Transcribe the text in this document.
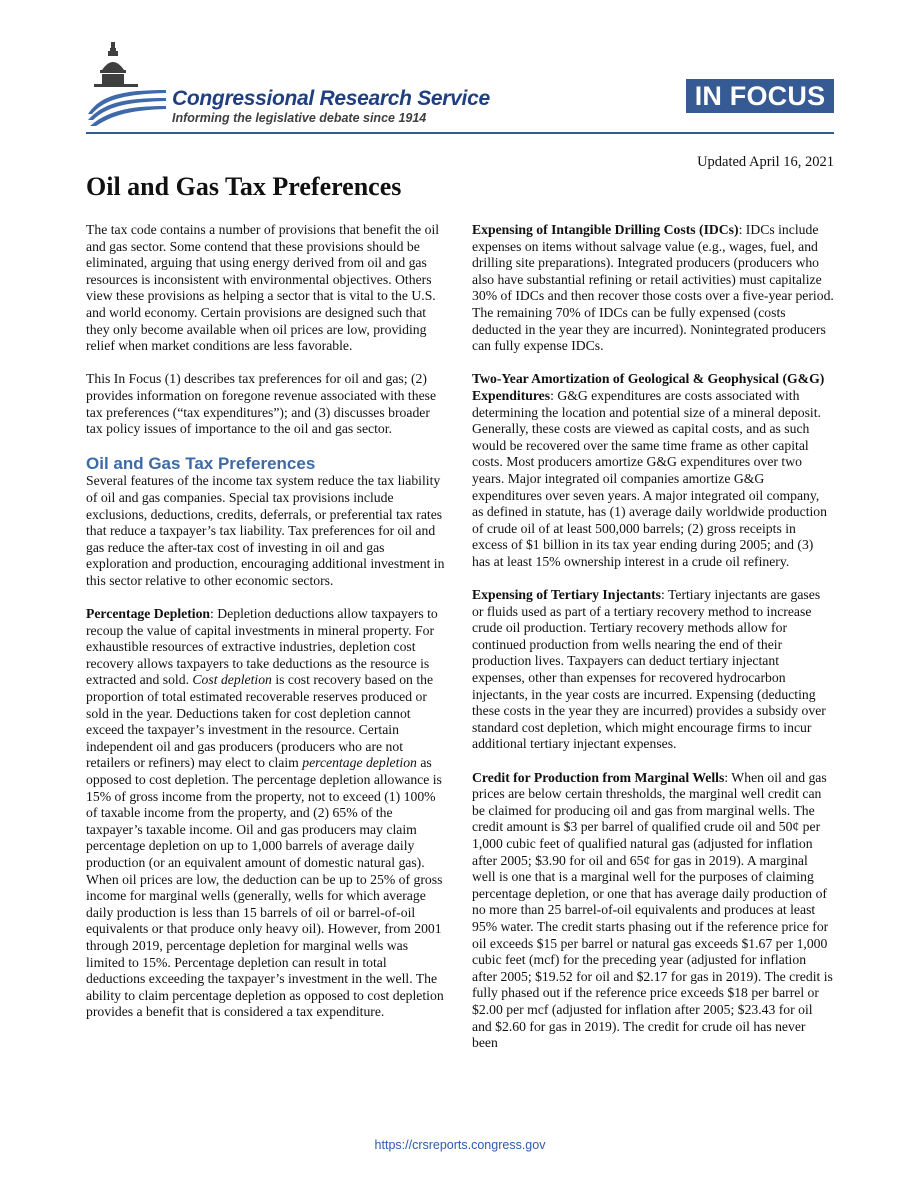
Congressional Research Service
Informing the legislative debate since 1914
IN FOCUS
Updated April 16, 2021
Oil and Gas Tax Preferences

The tax code contains a number of provisions that benefit the oil and gas sector. Some contend that these provisions should be eliminated, arguing that using energy derived from oil and gas resources is inconsistent with environmental objectives. Others view these provisions as helping a sector that is vital to the U.S. and world economy. Certain provisions are designed such that they only become available when oil prices are low, providing relief when market conditions are less favorable.

This In Focus (1) describes tax preferences for oil and gas; (2) provides information on foregone revenue associated with these tax preferences (“tax expenditures”); and (3) discusses broader tax policy issues of importance to the oil and gas sector.

Oil and Gas Tax Preferences

Several features of the income tax system reduce the tax liability of oil and gas companies. Special tax provisions include exclusions, deductions, credits, deferrals, or preferential tax rates that reduce a taxpayer’s tax liability. Tax preferences for oil and gas reduce the after-tax cost of investing in oil and gas exploration and production, encouraging additional investment in this sector relative to other economic sectors.

Percentage Depletion: Depletion deductions allow taxpayers to recoup the value of capital investments in mineral property. For exhaustible resources of extractive industries, depletion cost recovery allows taxpayers to take deductions as the resource is extracted and sold. Cost depletion is cost recovery based on the proportion of total estimated recoverable reserves produced or sold in the year. Deductions taken for cost depletion cannot exceed the taxpayer’s investment in the resource. Certain independent oil and gas producers (producers who are not retailers or refiners) may elect to claim percentage depletion as opposed to cost depletion. The percentage depletion allowance is 15% of gross income from the property, not to exceed (1) 100% of taxable income from the property, and (2) 65% of the taxpayer’s taxable income. Oil and gas producers may claim percentage depletion on up to 1,000 barrels of average daily production (or an equivalent amount of domestic natural gas). When oil prices are low, the deduction can be up to 25% of gross income for marginal wells (generally, wells for which average daily production is less than 15 barrels of oil or barrel-of-oil equivalents or that produce only heavy oil). However, from 2001 through 2019, percentage depletion for marginal wells was limited to 15%. Percentage depletion can result in total deductions exceeding the taxpayer’s investment in the well. The ability to claim percentage depletion as opposed to cost depletion provides a benefit that is considered a tax expenditure.

Expensing of Intangible Drilling Costs (IDCs): IDCs include expenses on items without salvage value (e.g., wages, fuel, and drilling site preparations). Integrated producers (producers who also have substantial refining or retail activities) must capitalize 30% of IDCs and then recover those costs over a five-year period. The remaining 70% of IDCs can be fully expensed (costs deducted in the year they are incurred). Nonintegrated producers can fully expense IDCs.

Two-Year Amortization of Geological & Geophysical (G&G) Expenditures: G&G expenditures are costs associated with determining the location and potential size of a mineral deposit. Generally, these costs are viewed as capital costs, and as such would be recovered over the same time frame as other capital costs. Most producers amortize G&G expenditures over two years. Major integrated oil companies amortize G&G expenditures over seven years. A major integrated oil company, as defined in statute, has (1) average daily worldwide production of crude oil of at least 500,000 barrels; (2) gross receipts in excess of $1 billion in its tax year ending during 2005; and (3) has at least 15% ownership interest in a crude oil refinery.

Expensing of Tertiary Injectants: Tertiary injectants are gases or fluids used as part of a tertiary recovery method to increase crude oil production. Tertiary recovery methods allow for continued production from wells nearing the end of their production lives. Taxpayers can deduct tertiary injectant expenses, other than expenses for recovered hydrocarbon injectants, in the year costs are incurred. Expensing (deducting these costs in the year they are incurred) provides a subsidy over standard cost depletion, which might encourage firms to incur additional tertiary injectant expenses.

Credit for Production from Marginal Wells: When oil and gas prices are below certain thresholds, the marginal well credit can be claimed for producing oil and gas from marginal wells. The credit amount is $3 per barrel of qualified crude oil and 50¢ per 1,000 cubic feet of qualified natural gas (adjusted for inflation after 2005; $3.90 for oil and 65¢ for gas in 2019). A marginal well is one that is a marginal well for the purposes of claiming percentage depletion, or one that has average daily production of no more than 25 barrel-of-oil equivalents and produces at least 95% water. The credit starts phasing out if the reference price for oil exceeds $15 per barrel or natural gas exceeds $1.67 per 1,000 cubic feet (mcf) for the preceding year (adjusted for inflation after 2005; $19.52 for oil and $2.17 for gas in 2019). The credit is fully phased out if the reference price exceeds $18 per barrel or $2.00 per mcf (adjusted for inflation after 2005; $23.43 for oil and $2.60 for gas in 2019). The credit for crude oil has never been

https://crsreports.congress.gov
